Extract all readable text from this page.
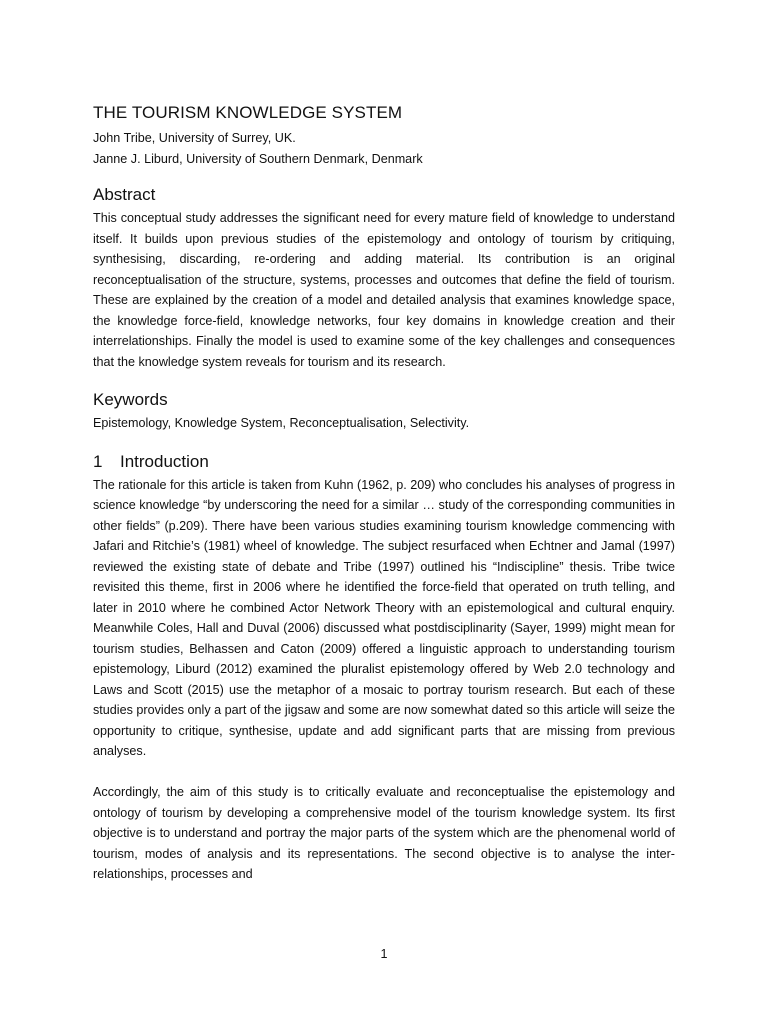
THE TOURISM KNOWLEDGE SYSTEM

John Tribe, University of Surrey, UK.

Janne J. Liburd, University of Southern Denmark, Denmark

Abstract

This conceptual study addresses the significant need for every mature field of knowledge to understand itself. It builds upon previous studies of the epistemology and ontology of tourism by critiquing, synthesising, discarding, re-ordering and adding material. Its contribution is an original reconceptualisation of the structure, systems, processes and outcomes that define the field of tourism. These are explained by the creation of a model and detailed analysis that examines knowledge space, the knowledge force-field, knowledge networks, four key domains in knowledge creation and their interrelationships. Finally the model is used to examine some of the key challenges and consequences that the knowledge system reveals for tourism and its research.

Keywords

Epistemology, Knowledge System, Reconceptualisation, Selectivity.

1 Introduction

The rationale for this article is taken from Kuhn (1962, p. 209) who concludes his analyses of progress in science knowledge “by underscoring the need for a similar … study of the corresponding communities in other fields” (p.209). There have been various studies examining tourism knowledge commencing with Jafari and Ritchie’s (1981) wheel of knowledge. The subject resurfaced when Echtner and Jamal (1997) reviewed the existing state of debate and Tribe (1997) outlined his “Indiscipline” thesis. Tribe twice revisited this theme, first in 2006 where he identified the force-field that operated on truth telling, and later in 2010 where he combined Actor Network Theory with an epistemological and cultural enquiry. Meanwhile Coles, Hall and Duval (2006) discussed what postdisciplinarity (Sayer, 1999) might mean for tourism studies, Belhassen and Caton (2009) offered a linguistic approach to understanding tourism epistemology, Liburd (2012) examined the pluralist epistemology offered by Web 2.0 technology and Laws and Scott (2015) use the metaphor of a mosaic to portray tourism research. But each of these studies provides only a part of the jigsaw and some are now somewhat dated so this article will seize the opportunity to critique, synthesise, update and add significant parts that are missing from previous analyses.

Accordingly, the aim of this study is to critically evaluate and reconceptualise the epistemology and ontology of tourism by developing a comprehensive model of the tourism knowledge system. Its first objective is to understand and portray the major parts of the system which are the phenomenal world of tourism, modes of analysis and its representations. The second objective is to analyse the inter-relationships, processes and

1
